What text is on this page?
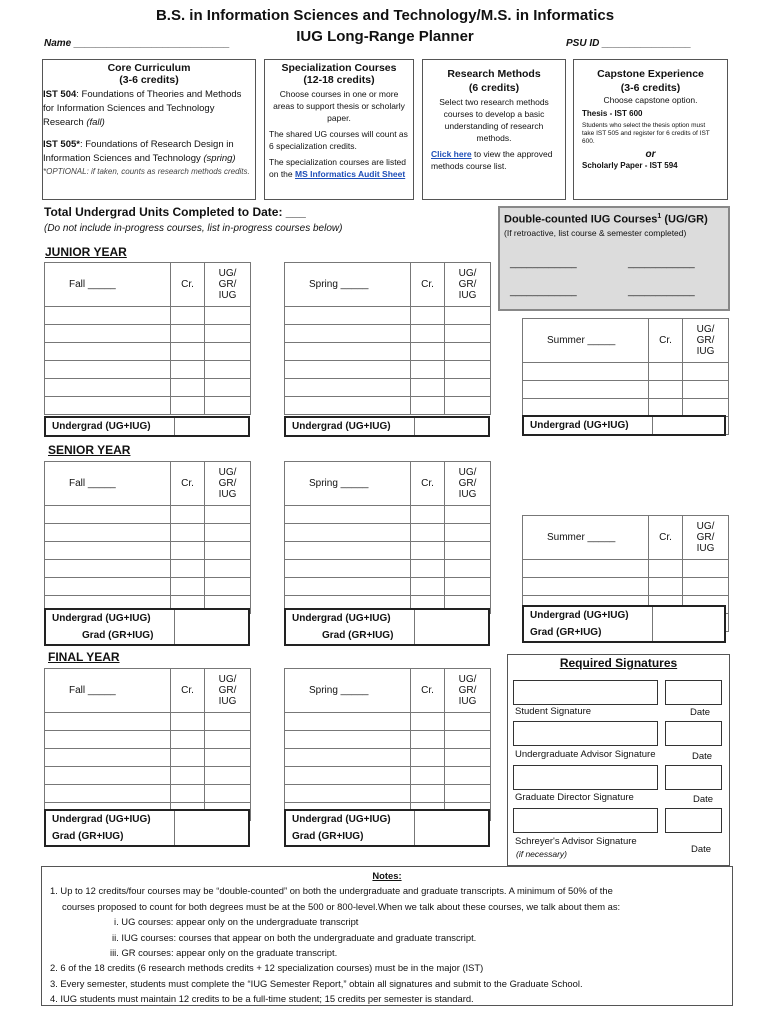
B.S. in Information Sciences and Technology/M.S. in Informatics
IUG Long-Range Planner
Name ____________________________	PSU ID ________________
Core Curriculum
(3-6 credits)
IST 504: Foundations of Theories and Methods for Information Sciences and Technology Research (fall)
IST 505*: Foundations of Research Design in Information Sciences and Technology (spring)
*OPTIONAL: if taken, counts as research methods credits.
Specialization Courses
(12-18 credits)
Choose courses in one or more areas to support thesis or scholarly paper.
The shared UG courses will count as 6 specialization credits.
The specialization courses are listed on the MS Informatics Audit Sheet
Research Methods
(6 credits)
Select two research methods courses to develop a basic understanding of research methods.
Click here to view the approved methods course list.
Capstone Experience
(3-6 credits)
Choose capstone option.
Thesis - IST 600
Students who select the thesis option must take IST 505 and register for 6 credits of IST 600.
or
Scholarly Paper - IST 594
Total Undergrad Units Completed to Date: ___
(Do not include in-progress courses, list in-progress courses below)
Double-counted IUG Courses$^1$ (UG/GR)
(If retroactive, list course & semester completed)
____________	____________
____________	____________
JUNIOR YEAR
SENIOR YEAR
FINAL YEAR
Fall _____	Cr.	UG/
GR/
IUG

Undergrad (UG+IUG)
Spring _____	Cr.	UG/
GR/
IUG

Undergrad (UG+IUG)
Summer _____	Cr.	UG/
GR/
IUG

Undergrad (UG+IUG)
Fall _____	Cr.	UG/
GR/
IUG

Undergrad (UG+IUG)
Grad (GR+IUG)
Spring _____	Cr.	UG/
GR/
IUG

Undergrad (UG+IUG)
Grad (GR+IUG)
Summer _____	Cr.	UG/
GR/
IUG

Undergrad (UG+IUG)
Grad (GR+IUG)
Fall _____	Cr.	UG/
GR/
IUG

Undergrad (UG+IUG)
Grad (GR+IUG)
Spring _____	Cr.	UG/
GR/
IUG

Undergrad (UG+IUG)
Grad (GR+IUG)
Required Signatures
Student Signature	Date
Undergraduate Advisor Signature	Date
Graduate Director Signature	Date
Schreyer's Advisor Signature
(if necessary)	Date
Notes:
1. Up to 12 credits/four courses may be “double-counted” on both the undergraduate and graduate transcripts. A minimum of 50% of the
courses proposed to count for both degrees must be at the 500 or 800-level.When we talk about these courses, we talk about them as:
i. UG courses: appear only on the undergraduate transcript
ii. IUG courses: courses that appear on both the undergraduate and graduate transcript.
iii. GR courses: appear only on the graduate transcript.
2. 6 of the 18 credits (6 research methods credits + 12 specialization courses) must be in the major (IST)
3. Every semester, students must complete the “IUG Semester Report,” obtain all signatures and submit to the Graduate School.
4. IUG students must maintain 12 credits to be a full-time student; 15 credits per semester is standard.
